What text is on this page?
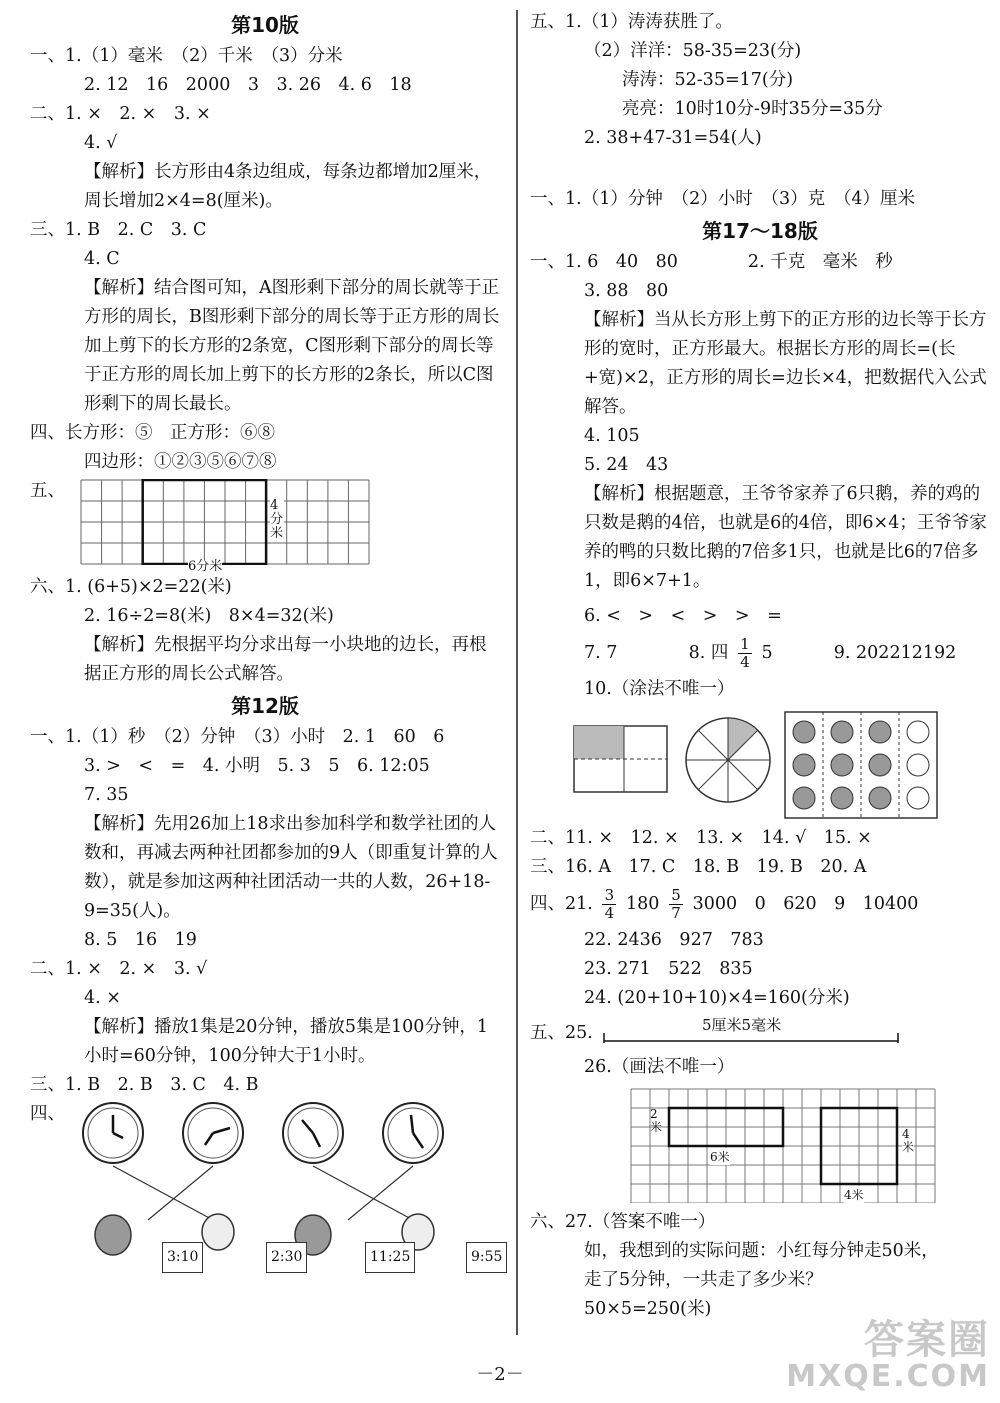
第10版
一、1.（1）毫米　（2）千米　（3）分米
2. 12　16　2000　3　3. 26　4. 6　18
二、1. ×　2. ×　3. ×
4. √
【解析】长方形由4条边组成，每条边都增加2厘米，周长增加2×4=8(厘米)。
三、1. B　2. C　3. C
4. C
【解析】结合图可知，A图形剩下部分的周长就等于正方形的周长，B图形剩下部分的周长等于正方形的周长加上剪下的长方形的2条宽，C图形剩下部分的周长等于正方形的周长加上剪下的长方形的2条长，所以C图形剩下的周长最长。
四、长方形：⑤　正方形：⑥⑧
四边形：①②③⑤⑥⑦⑧
五、
6分米
4分米
六、1. (6+5)×2=22(米)
2. 16÷2=8(米)　8×4=32(米)
【解析】先根据平均分求出每一小块地的边长，再根据正方形的周长公式解答。
第12版
一、1.（1）秒　（2）分钟　（3）小时　2. 1　60　6
3. >　<　=　4. 小明　5. 3　5　6. 12:05
7. 35
【解析】先用26加上18求出参加科学和数学社团的人数和，再减去两种社团都参加的9人（即重复计算的人数），就是参加这两种社团活动一共的人数，26+18-9=35(人)。
8. 5　16　19
二、1. ×　2. ×　3. √
4. ×
【解析】播放1集是20分钟，播放5集是100分钟，1小时=60分钟，100分钟大于1小时。
三、1. B　2. B　3. C　4. B
四、
3:10	2:30	11:25	9:55
五、1.（1）涛涛获胜了。
（2）洋洋：58-35=23(分)
涛涛：52-35=17(分)
亮亮：10时10分-9时35分=35分
2. 38+47-31=54(人)
一、1.（1）分钟　（2）小时　（3）克　（4）厘米
第17～18版
一、1. 6　40　80　　　　2. 千克　毫米　秒
3. 88　80
【解析】当从长方形上剪下的正方形的边长等于长方形的宽时，正方形最大。根据长方形的周长=(长+宽)×2，正方形的周长=边长×4，把数据代入公式解答。
4. 105
5. 24　43
【解析】根据题意，王爷爷家养了6只鹅，养的鸡的只数是鹅的4倍，也就是6的4倍，即6×4；王爷爷家养的鸭的只数比鹅的7倍多1只，也就是比6的7倍多1，即6×7+1。
6. <　>　<　>　>　=
7. 7	8. 四 $\frac{1}{4} 5$	9. 202212192
10.（涂法不唯一）
二、11. ×　12. ×　13. ×　14. √　15. ×
三、16. A　17. C　18. B　19. B　20. A
四、21. $\frac{3}{4} 180 \frac{5}{7} 3000$　0　620　9　10400
22. 2436　927　783
23. 271　522　835
24. (20+10+10)×4=160(分米)
五、25.	5厘米5毫米
26.（画法不唯一）
2米
6米
4米
4米
六、27.（答案不唯一）
如，我想到的实际问题：小红每分钟走50米，
走了5分钟，一共走了多少米？
50×5=250(米)
－2－
答案圈
MXQE.COM
